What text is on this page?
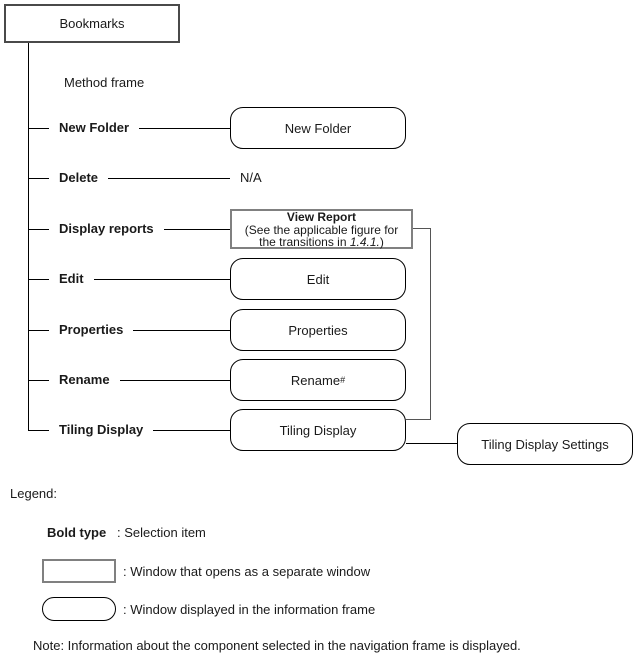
Bookmarks
Method frame
New Folder
Delete
Display reports
Edit
Properties
Rename
Tiling Display
N/A
New Folder
Edit
Properties
Rename #
Tiling Display
View Report
(See the applicable figure for
the transitions in 1.4.1.)
Tiling Display Settings
Legend:
Bold type : Selection item
: Window that opens as a separate window
: Window displayed in the information frame
Note: Information about the component selected in the navigation frame is displayed.
